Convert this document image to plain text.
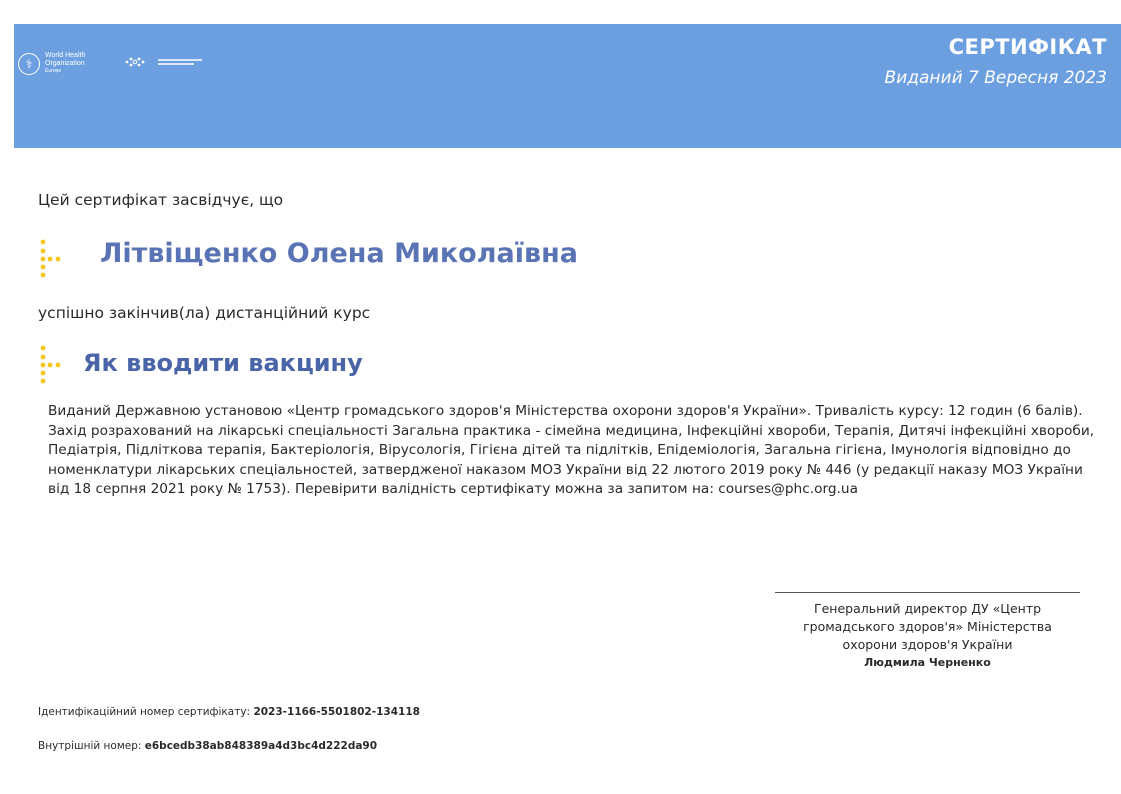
⚕
World Health
Organization
Europe
СЕРТИФІКАТ
Виданий 7 Вересня 2023
Цей сертифікат засвідчує, що
Літвіщенко Олена Миколаївна
успішно закінчив(ла) дистанційний курс
Як вводити вакцину
Виданий Державною установою «Центр громадського здоров'я Міністерства охорони здоров'я України». Тривалість курсу: 12 годин (6 балів). Захід розрахований на лікарські спеціальності Загальна практика - сімейна медицина, Інфекційні хвороби, Терапія, Дитячі інфекційні хвороби, Педіатрія, Підліткова терапія, Бактеріологія, Вірусологія, Гігієна дітей та підлітків, Епідеміологія, Загальна гігієна, Імунологія відповідно до номенклатури лікарських спеціальностей, затвердженої наказом МОЗ України від 22 лютого 2019 року № 446 (у редакції наказу МОЗ України від 18 серпня 2021 року № 1753). Перевірити валідність сертифікату можна за запитом на: courses@phc.org.ua
Генеральний директор ДУ «Центр
громадського здоров'я» Міністерства
охорони здоров'я України
Людмила Черненко
Ідентифікаційний номер сертифікату: 2023-1166-5501802-134118
Внутрішній номер: e6bcedb38ab848389a4d3bc4d222da90
